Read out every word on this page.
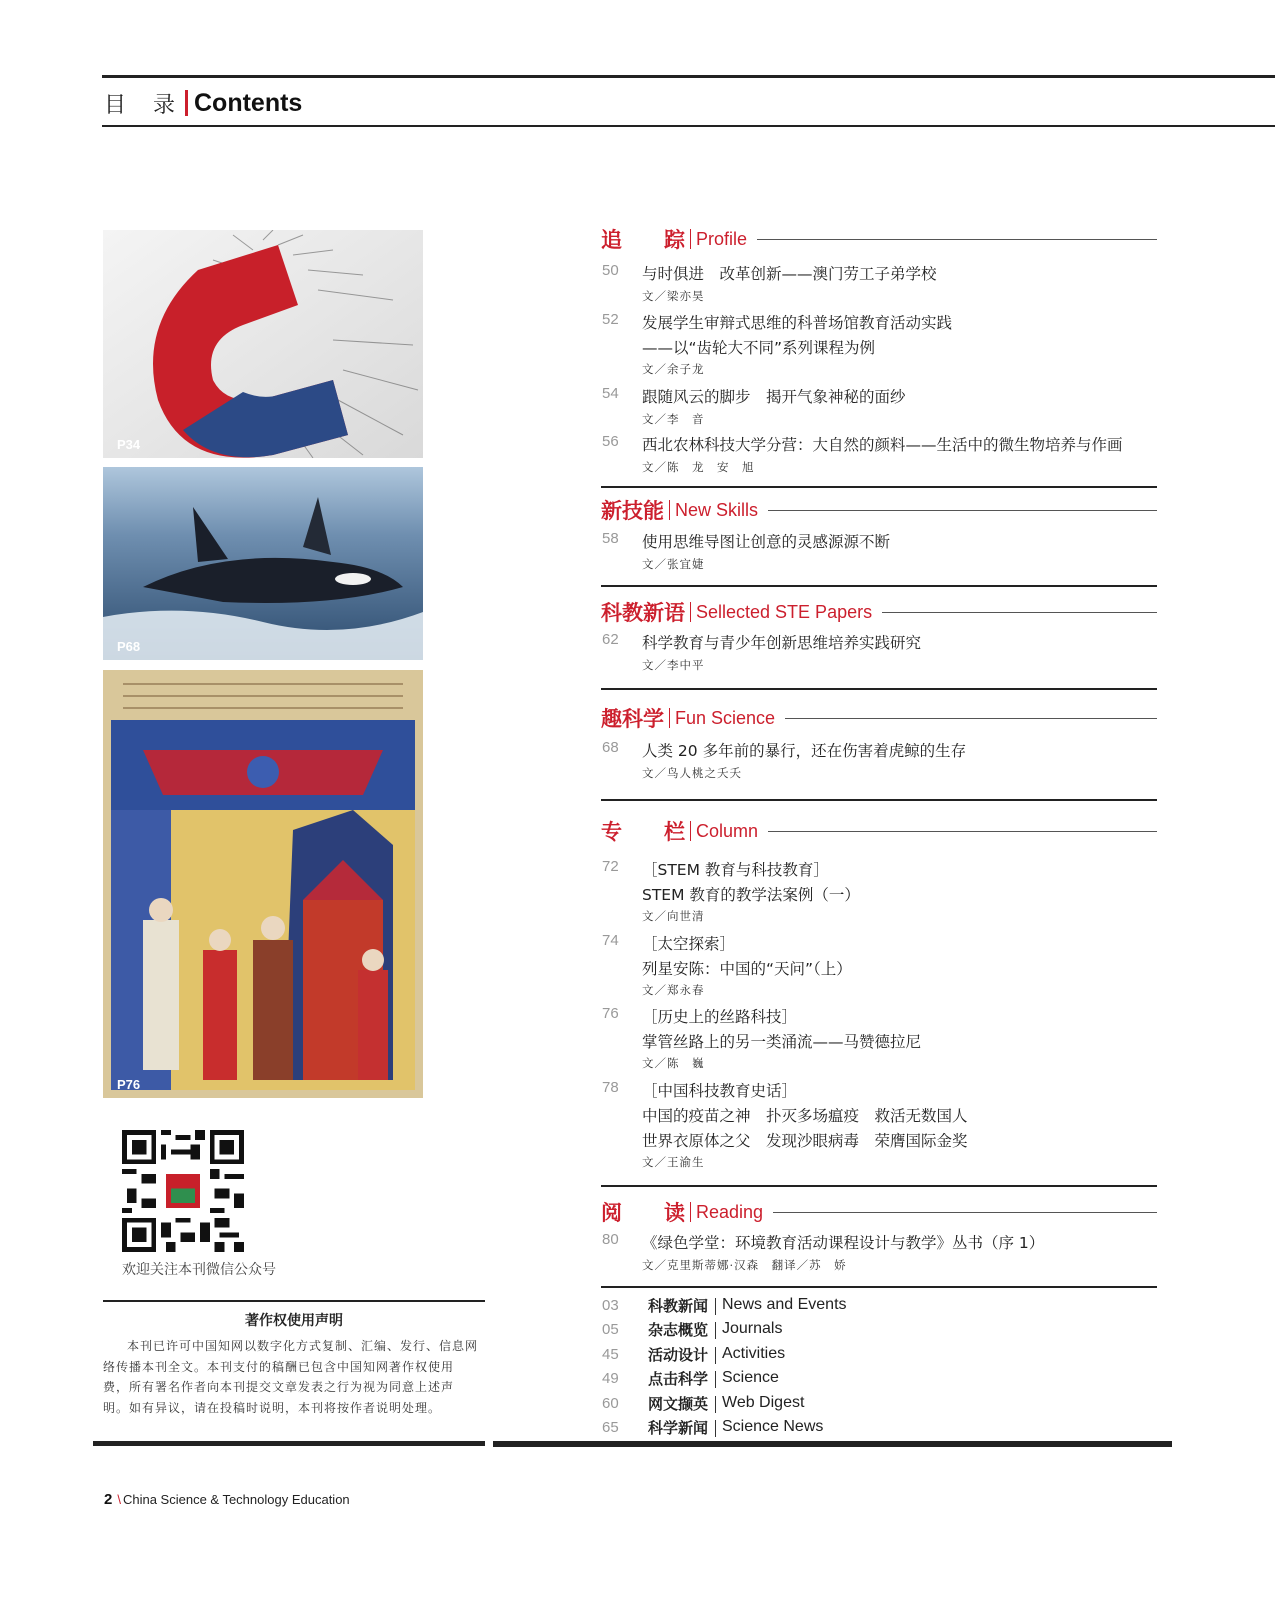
目 录 Contents
P34
P68
P76
欢迎关注本刊微信公众号
著作权使用声明
本刊已许可中国知网以数字化方式复制、汇编、发行、信息网络传播本刊全文。本刊支付的稿酬已包含中国知网著作权使用费，所有署名作者向本刊提交文章发表之行为视为同意上述声明。如有异议，请在投稿时说明，本刊将按作者说明处理。
追　　踪 Profile
50 与时俱进　改革创新——澳门劳工子弟学校
文／梁亦昊
52 发展学生审辩式思维的科普场馆教育活动实践
——以“齿轮大不同”系列课程为例
文／余子龙
54 跟随风云的脚步　揭开气象神秘的面纱
文／李　音
56 西北农林科技大学分营：大自然的颜料——生活中的微生物培养与作画
文／陈　龙　安　旭
新技能 New Skills
58 使用思维导图让创意的灵感源源不断
文／张宜婕
科教新语 Sellected STE Papers
62 科学教育与青少年创新思维培养实践研究
文／李中平
趣科学 Fun Science
68 人类 20 多年前的暴行，还在伤害着虎鲸的生存
文／鸟人桃之夭夭
专　　栏 Column
72 ［STEM 教育与科技教育］
STEM 教育的教学法案例（一）
文／向世清
74 ［太空探索］
列星安陈：中国的“天问”（上）
文／郑永春
76 ［历史上的丝路科技］
掌管丝路上的另一类涌流——马赞德拉尼
文／陈　巍
78 ［中国科技教育史话］
中国的疫苗之神　扑灭多场瘟疫　救活无数国人
世界衣原体之父　发现沙眼病毒　荣膺国际金奖
文／王渝生
阅　　读 Reading
80 《绿色学堂：环境教育活动课程设计与教学》丛书（序 1）
文／克里斯蒂娜·汉森　翻译／苏　娇
03 科教新闻 News and Events
05 杂志概览 Journals
45 活动设计 Activities
49 点击科学 Science
60 网文撷英 Web Digest
65 科学新闻 Science News
2 \ China Science & Technology Education
